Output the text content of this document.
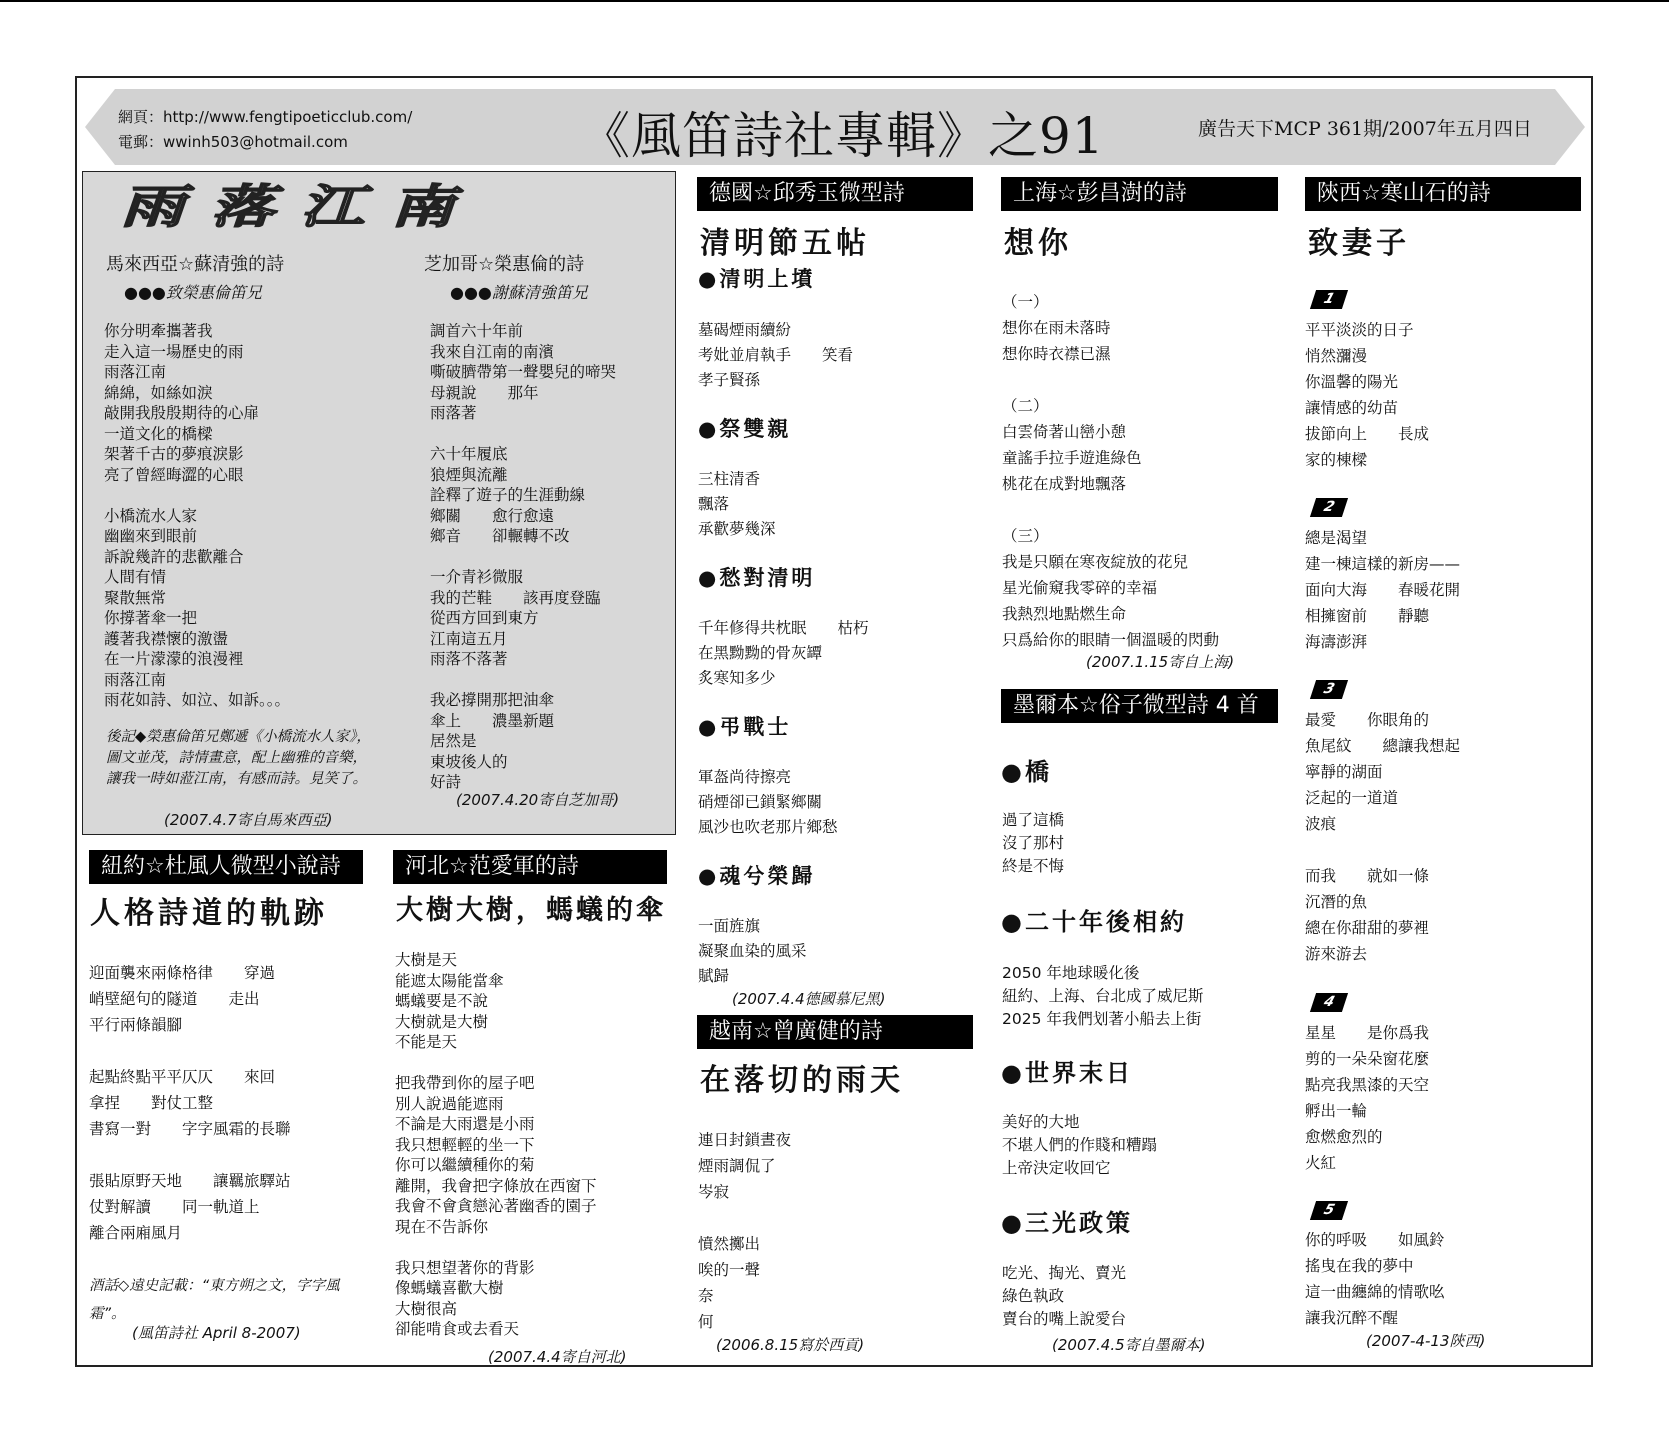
網頁：http://www.fengtipoeticclub.com/
電郵：wwinh503@hotmail.com	《風笛詩社專輯》之91	廣告天下MCP 361期/2007年五月四日
雨落江南
馬來西亞☆蘇清強的詩
●●●致榮惠倫笛兄
你分明牽攜著我
走入這一場歷史的雨
雨落江南
綿綿，如絲如淚
敲開我殷殷期待的心扉
一道文化的橋樑
架著千古的夢痕淚影
亮了曾經晦澀的心眼

小橋流水人家
幽幽來到眼前
訴說幾許的悲歡離合
人間有情
聚散無常
你撐著傘一把
護著我襟懷的激盪
在一片濛濛的浪漫裡
雨落江南
雨花如詩、如泣、如訴。。。
後記◆榮惠倫笛兄鄭遞《小橋流水人家》，圖文並茂，詩情畫意，配上幽雅的音樂，讓我一時如蒞江南，有感而詩。見笑了。
(2007.4.7寄自馬來西亞)
芝加哥☆榮惠倫的詩
●●●謝蘇清強笛兄
調首六十年前
我來自江南的南濱
嘶破臍帶第一聲嬰兒的啼哭
母親說　　那年
雨落著

六十年履底
狼煙與流離
詮釋了遊子的生涯動線
鄉關　　愈行愈遠
鄉音　　卻輾轉不改

一介青衫微服
我的芒鞋　　該再度登臨
從西方回到東方
江南這五月
雨落不落著

我必撐開那把油傘
傘上　　濃墨新題
居然是
東坡後人的
好詩
(2007.4.20寄自芝加哥)
紐約☆杜風人微型小說詩
人格詩道的軌跡
迎面襲來兩條格律　　穿過
峭壁絕句的隧道　　走出
平行兩條韻腳

起點終點平平仄仄　　來回
拿捏　　對仗工整
書寫一對　　字字風霜的長聯

張貼原野天地　　讓羈旅驛站
仗對解讀　　同一軌道上
離合兩廂風月
酒話◇遠史記載：“東方朔之文，字字風霜”。
(風笛詩社 April 8-2007)
河北☆范愛軍的詩
大樹大樹，螞蟻的傘
大樹是天
能遮太陽能當傘
螞蟻要是不說
大樹就是大樹
不能是天

把我帶到你的屋子吧
別人說過能遮雨
不論是大雨還是小雨
我只想輕輕的坐一下
你可以繼續種你的菊
離開，我會把字條放在西窗下
我會不會貪戀沁著幽香的園子
現在不告訴你

我只想望著你的背影
像螞蟻喜歡大樹
大樹很高
卻能啃食或去看天
(2007.4.4寄自河北)
德國☆邱秀玉微型詩
清明節五帖
●清明上墳
墓碣煙雨續紛
考妣並肩執手　　笑看
孝子賢孫
●祭雙親
三柱清香
飄落
承歡夢幾深
●愁對清明
千年修得共枕眠　　枯朽
在黑黝黝的骨灰罈
炙寒知多少
●弔戰士
軍盔尚待擦亮
硝煙卻已鎖緊鄉關
風沙也吹老那片鄉愁
●魂兮榮歸
一面旌旗
凝聚血染的風采
賦歸
(2007.4.4德國慕尼黑)
越南☆曾廣健的詩
在落切的雨天
連日封鎖晝夜
煙雨調侃了
岑寂

憤然擲出
唉的一聲
奈
何
(2006.8.15寫於西貢)
上海☆彭昌澍的詩
想你
（一）
想你在雨未落時
想你時衣襟已濕

（二）
白雲倚著山巒小憩
童謠手拉手遊進綠色
桃花在成對地飄落

（三）
我是只願在寒夜綻放的花兒
星光偷窺我零碎的幸福
我熱烈地點燃生命
只爲給你的眼睛一個溫暖的閃動
(2007.1.15寄自上海)
墨爾本☆俗子微型詩 4 首
●橋
過了這橋
沒了那村
終是不悔
●二十年後相約
2050 年地球暖化後
紐約、上海、台北成了威尼斯
2025 年我們划著小船去上街
●世界末日
美好的大地
不堪人們的作賤和糟蹋
上帝決定收回它
●三光政策
吃光、掏光、賣光
綠色執政
賣台的嘴上說愛台
(2007.4.5寄自墨爾本)
陝西☆寒山石的詩
致妻子
1
平平淡淡的日子
悄然瀰漫
你溫馨的陽光
讓情感的幼苗
拔節向上　　長成
家的棟樑
2
總是渴望
建一棟這樣的新房——
面向大海　　春暖花開
相擁窗前　　靜聽
海濤澎湃
3
最愛　　你眼角的
魚尾紋　　總讓我想起
寧靜的湖面
泛起的一道道
波痕

而我　　就如一條
沉潛的魚
總在你甜甜的夢裡
游來游去
4
星星　　是你爲我
剪的一朵朵窗花麼
點亮我黑漆的天空
孵出一輪
愈燃愈烈的
火紅
5
你的呼吸　　如風鈴
搖曳在我的夢中
這一曲纏綿的情歌吆
讓我沉醉不醒
(2007-4-13陝西)
